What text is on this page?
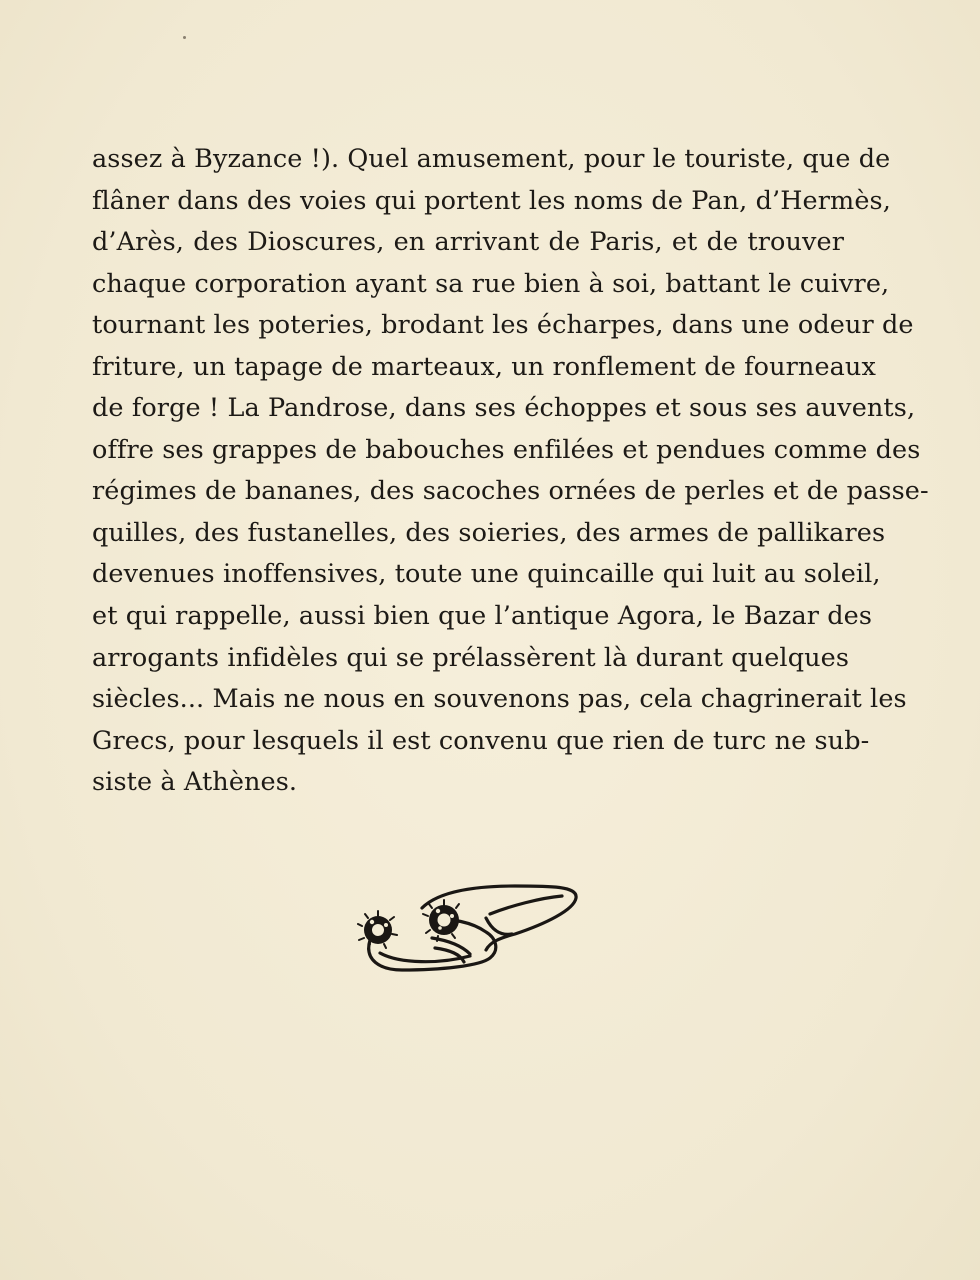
assez à Byzance !). Quel amusement, pour le touriste, que de
flâner dans des voies qui portent les noms de Pan, d’Hermès,
d’Arès, des Dioscures, en arrivant de Paris, et de trouver
chaque corporation ayant sa rue bien à soi, battant le cuivre,
tournant les poteries, brodant les écharpes, dans une odeur de
friture, un tapage de marteaux, un ronflement de fourneaux
de forge ! La Pandrose, dans ses échoppes et sous ses auvents,
offre ses grappes de babouches enfilées et pendues comme des
régimes de bananes, des sacoches ornées de perles et de passe-
quilles, des fustanelles, des soieries, des armes de pallikares
devenues inoffensives, toute une quincaille qui luit au soleil,
et qui rappelle, aussi bien que l’antique Agora, le Bazar des
arrogants infidèles qui se prélassèrent là durant quelques
siècles... Mais ne nous en souvenons pas, cela chagrinerait les
Grecs, pour lesquels il est convenu que rien de turc ne sub-
siste à Athènes.
